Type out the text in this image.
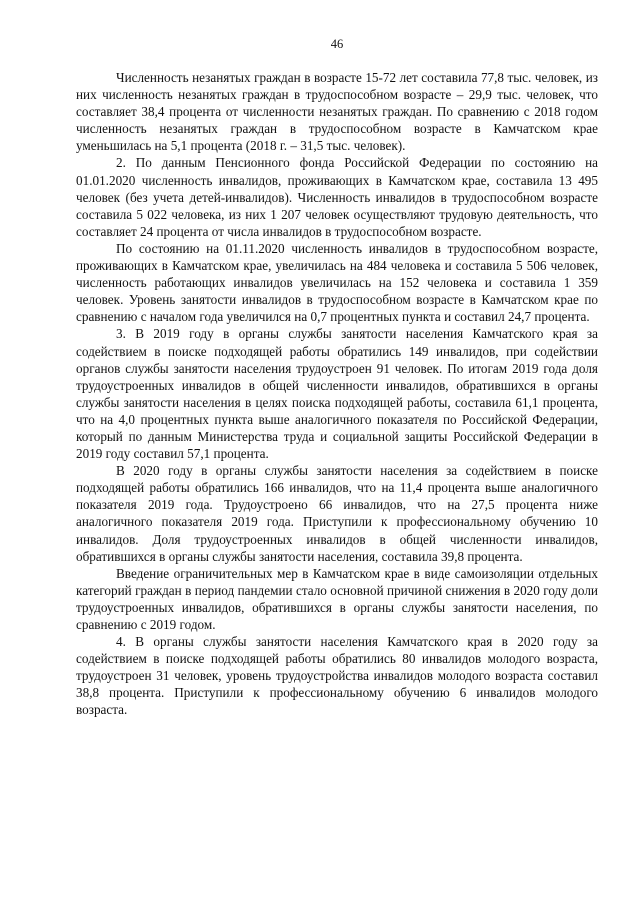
46

Численность незанятых граждан в возрасте 15-72 лет составила 77,8 тыс. человек, из них численность незанятых граждан в трудоспособном возрасте – 29,9 тыс. человек, что составляет 38,4 процента от численности незанятых граждан. По сравнению с 2018 годом численность незанятых граждан в трудоспособном возрасте в Камчатском крае уменьшилась на 5,1 процента (2018 г. – 31,5 тыс. человек).

2. По данным Пенсионного фонда Российской Федерации по состоянию на 01.01.2020 численность инвалидов, проживающих в Камчатском крае, составила 13 495 человек (без учета детей-инвалидов). Численность инвалидов в трудоспособном возрасте составила 5 022 человека, из них 1 207 человек осуществляют трудовую деятельность, что составляет 24 процента от числа инвалидов в трудоспособном возрасте.

По состоянию на 01.11.2020 численность инвалидов в трудоспособном возрасте, проживающих в Камчатском крае, увеличилась на 484 человека и составила 5 506 человек, численность работающих инвалидов увеличилась на 152 человека и составила 1 359 человек. Уровень занятости инвалидов в трудоспособном возрасте в Камчатском крае по сравнению с началом года увеличился на 0,7 процентных пункта и составил 24,7 процента.

3. В 2019 году в органы службы занятости населения Камчатского края за содействием в поиске подходящей работы обратились 149 инвалидов, при содействии органов службы занятости населения трудоустроен 91 человек. По итогам 2019 года доля трудоустроенных инвалидов в общей численности инвалидов, обратившихся в органы службы занятости населения в целях поиска подходящей работы, составила 61,1 процента, что на 4,0 процентных пункта выше аналогичного показателя по Российской Федерации, который по данным Министерства труда и социальной защиты Российской Федерации в 2019 году составил 57,1 процента.

В 2020 году в органы службы занятости населения за содействием в поиске подходящей работы обратились 166 инвалидов, что на 11,4 процента выше аналогичного показателя 2019 года. Трудоустроено 66 инвалидов, что на 27,5 процента ниже аналогичного показателя 2019 года. Приступили к профессиональному обучению 10 инвалидов. Доля трудоустроенных инвалидов в общей численности инвалидов, обратившихся в органы службы занятости населения, составила 39,8 процента.

Введение ограничительных мер в Камчатском крае в виде самоизоляции отдельных категорий граждан в период пандемии стало основной причиной снижения в 2020 году доли трудоустроенных инвалидов, обратившихся в органы службы занятости населения, по сравнению с 2019 годом.

4. В органы службы занятости населения Камчатского края в 2020 году за содействием в поиске подходящей работы обратились 80 инвалидов молодого возраста, трудоустроен 31 человек, уровень трудоустройства инвалидов молодого возраста составил 38,8 процента. Приступили к профессиональному обучению 6 инвалидов молодого возраста.
